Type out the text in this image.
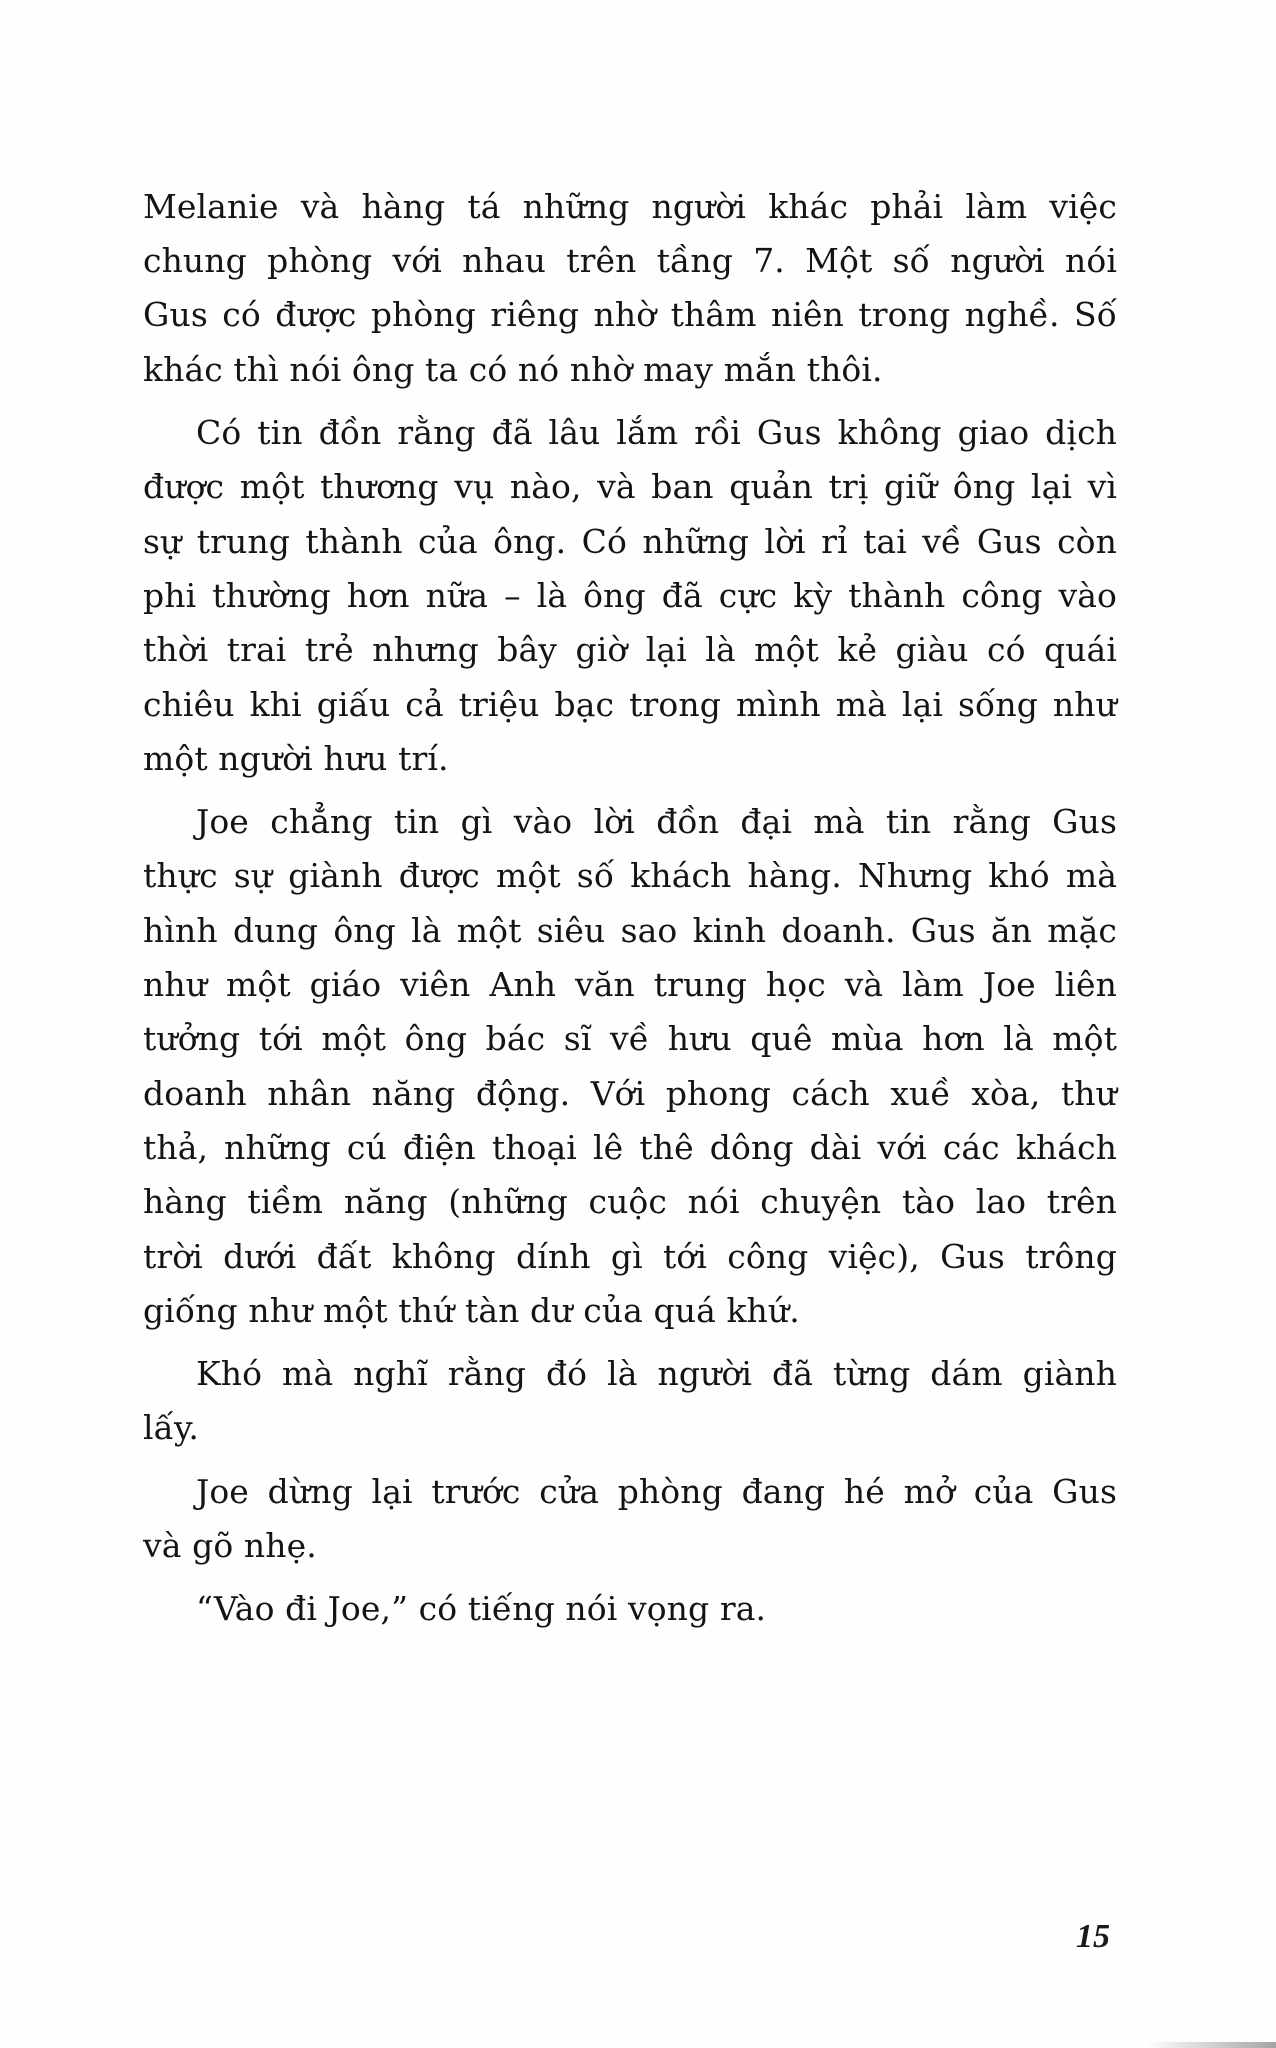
Melanie và hàng tá những người khác phải làm việc
chung phòng với nhau trên tầng 7. Một số người nói
Gus có được phòng riêng nhờ thâm niên trong nghề. Số
khác thì nói ông ta có nó nhờ may mắn thôi.
Có tin đồn rằng đã lâu lắm rồi Gus không giao dịch
được một thương vụ nào, và ban quản trị giữ ông lại vì
sự trung thành của ông. Có những lời rỉ tai về Gus còn
phi thường hơn nữa – là ông đã cực kỳ thành công vào
thời trai trẻ nhưng bây giờ lại là một kẻ giàu có quái
chiêu khi giấu cả triệu bạc trong mình mà lại sống như
một người hưu trí.
Joe chẳng tin gì vào lời đồn đại mà tin rằng Gus
thực sự giành được một số khách hàng. Nhưng khó mà
hình dung ông là một siêu sao kinh doanh. Gus ăn mặc
như một giáo viên Anh văn trung học và làm Joe liên
tưởng tới một ông bác sĩ về hưu quê mùa hơn là một
doanh nhân năng động. Với phong cách xuề xòa, thư
thả, những cú điện thoại lê thê dông dài với các khách
hàng tiềm năng (những cuộc nói chuyện tào lao trên
trời dưới đất không dính gì tới công việc), Gus trông
giống như một thứ tàn dư của quá khứ.
Khó mà nghĩ rằng đó là người đã từng dám giành
lấy.
Joe dừng lại trước cửa phòng đang hé mở của Gus
và gõ nhẹ.
“Vào đi Joe,” có tiếng nói vọng ra.
15
